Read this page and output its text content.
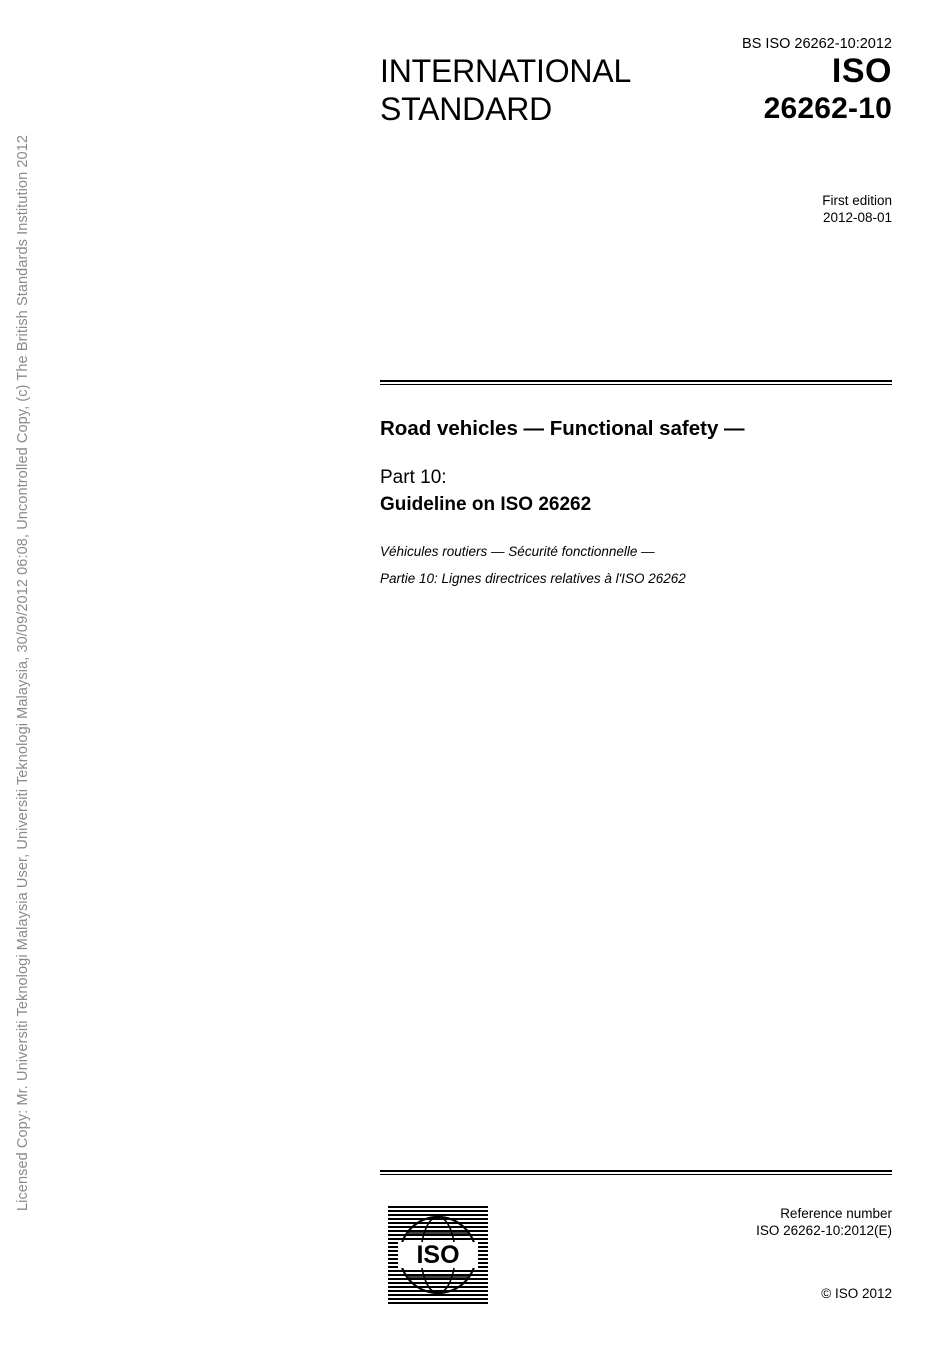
Licensed Copy: Mr. Universiti Teknologi Malaysia User, Universiti Teknologi Malaysia, 30/09/2012 06:08, Uncontrolled Copy, (c) The British Standards Institution 2012
BS ISO 26262-10:2012
INTERNATIONAL
STANDARD
ISO
26262-10
First edition
2012-08-01
Road vehicles — Functional safety —
Part 10:
Guideline on ISO 26262
Véhicules routiers — Sécurité fonctionnelle —
Partie 10: Lignes directrices relatives à l'ISO 26262
ISO
Reference number
ISO 26262-10:2012(E)
© ISO 2012
